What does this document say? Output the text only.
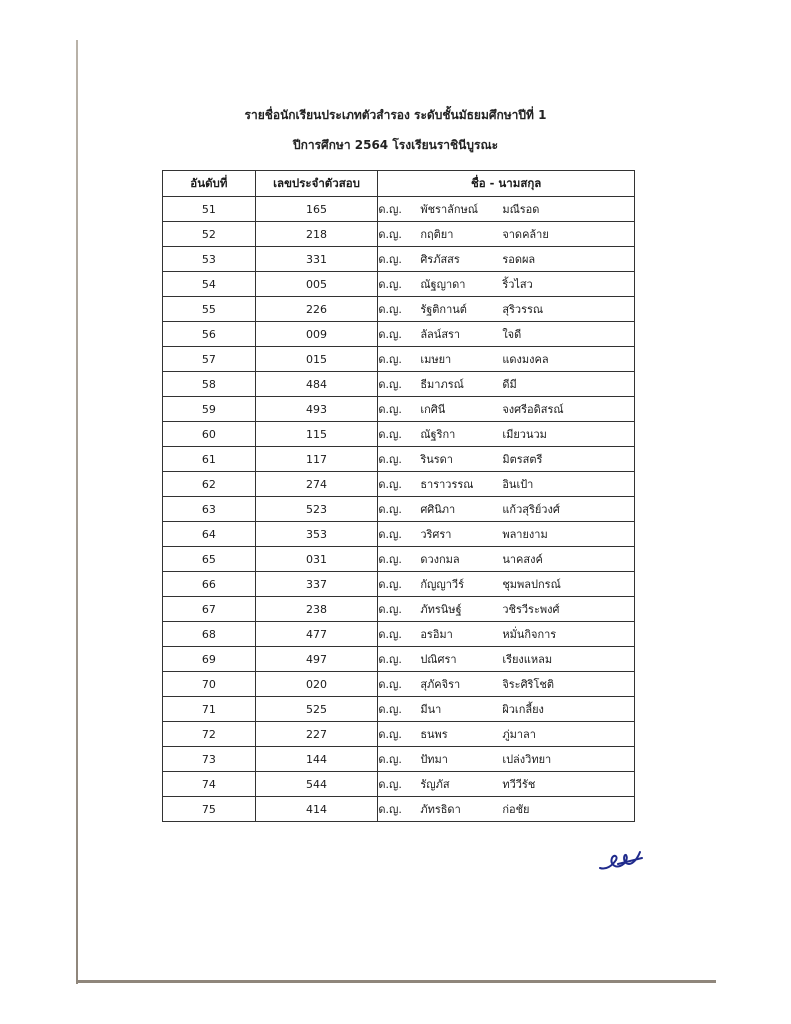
รายชื่อนักเรียนประเภทตัวสำรอง ระดับชั้นมัธยมศึกษาปีที่ 1
ปีการศึกษา 2564 โรงเรียนราชินีบูรณะ
อันดับที่	เลขประจำตัวสอบ	ชื่อ - นามสกุล
51	165	ด.ญ. พัชราลักษณ์ มณีรอด
52	218	ด.ญ. กฤติยา จาดคล้าย
53	331	ด.ญ. ศิรภัสสร รอดผล
54	005	ด.ญ. ณัฐญาดา ริ้วไสว
55	226	ด.ญ. รัฐติกานต์ สุริวรรณ
56	009	ด.ญ. ลัลน์สรา ใจดี
57	015	ด.ญ. เมษยา แดงมงคล
58	484	ด.ญ. ธีมาภรณ์ ดีมี
59	493	ด.ญ. เกศินี จงศรีอดิสรณ์
60	115	ด.ญ. ณัฐริกา เมียวนวม
61	117	ด.ญ. รินรดา มิตรสตรี
62	274	ด.ญ. ธาราวรรณ อินเป้า
63	523	ด.ญ. ศศินิภา แก้วสุริย์วงศ์
64	353	ด.ญ. วริศรา พลายงาม
65	031	ด.ญ. ดวงกมล นาคสงค์
66	337	ด.ญ. กัญญาวีร์ ชุมพลปกรณ์
67	238	ด.ญ. ภัทรนิษฐ์ วชิรวีระพงศ์
68	477	ด.ญ. อรอิมา หมั่นกิจการ
69	497	ด.ญ. ปณิศรา เรียงแหลม
70	020	ด.ญ. สุภัคจิรา จิระศิริโชติ
71	525	ด.ญ. มีนา ผิวเกลี้ยง
72	227	ด.ญ. ธนพร ภู่มาลา
73	144	ด.ญ. ปัทมา เปล่งวิทยา
74	544	ด.ญ. รัญภัส ทวีวีรัช
75	414	ด.ญ. ภัทรธิดา ก่อชัย
